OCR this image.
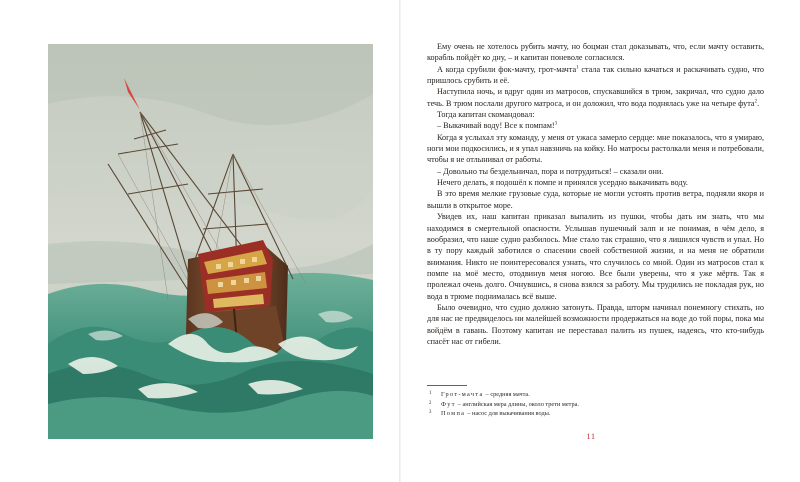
Ему очень не хотелось рубить мачту, но боцман стал доказывать, что, если мачту оставить, корабль пойдёт ко дну, – и капитан поневоле согласился.

А когда срубили фок-мачту, грот-мачта$^1$ стала так сильно качаться и раскачивать судно, что пришлось срубить и её.

Наступила ночь, и вдруг один из матросов, спускавшийся в трюм, закричал, что судно дало течь. В трюм послали другого матроса, и он доложил, что вода поднялась уже на четыре фута$^2$.

Тогда капитан скомандовал:

– Выкачивай воду! Все к помпам!$^3$

Когда я услыхал эту команду, у меня от ужаса замерло сердце: мне показалось, что я умираю, ноги мои подкосились, и я упал навзничь на койку. Но матросы растолкали меня и потребовали, чтобы я не отлынивал от работы.

– Довольно ты бездельничал, пора и потрудиться! – сказали они.

Нечего делать, я подошёл к помпе и принялся усердно выкачивать воду.

В это время мелкие грузовые суда, которые не могли устоять против ветра, подняли якоря и вышли в открытое море.

Увидев их, наш капитан приказал выпалить из пушки, чтобы дать им знать, что мы находимся в смертельной опасности. Услышав пушечный залп и не понимая, в чём дело, я вообразил, что наше судно разбилось. Мне стало так страшно, что я лишился чувств и упал. Но в ту пору каждый заботился о спасении своей собственной жизни, и на меня не обратили внимания. Никто не поинтересовался узнать, что случилось со мной. Один из матросов стал к помпе на моё место, отодвинув меня ногою. Все были уверены, что я уже мёртв. Так я пролежал очень долго. Очнувшись, я снова взялся за работу. Мы трудились не покладая рук, но вода в трюме поднималась всё выше.

Было очевидно, что судно должно затонуть. Правда, шторм начинал понемногу стихать, но для нас не предвиделось ни малейшей возможности продержаться на воде до той поры, пока мы войдём в гавань. Поэтому капитан не переставал палить из пушек, надеясь, что кто-нибудь спасёт нас от гибели.

1	Грот-мачта – средняя мачта.
2	Фут – английская мера длины, около трети метра.
3	Помпа – насос для выкачивания воды.
11
